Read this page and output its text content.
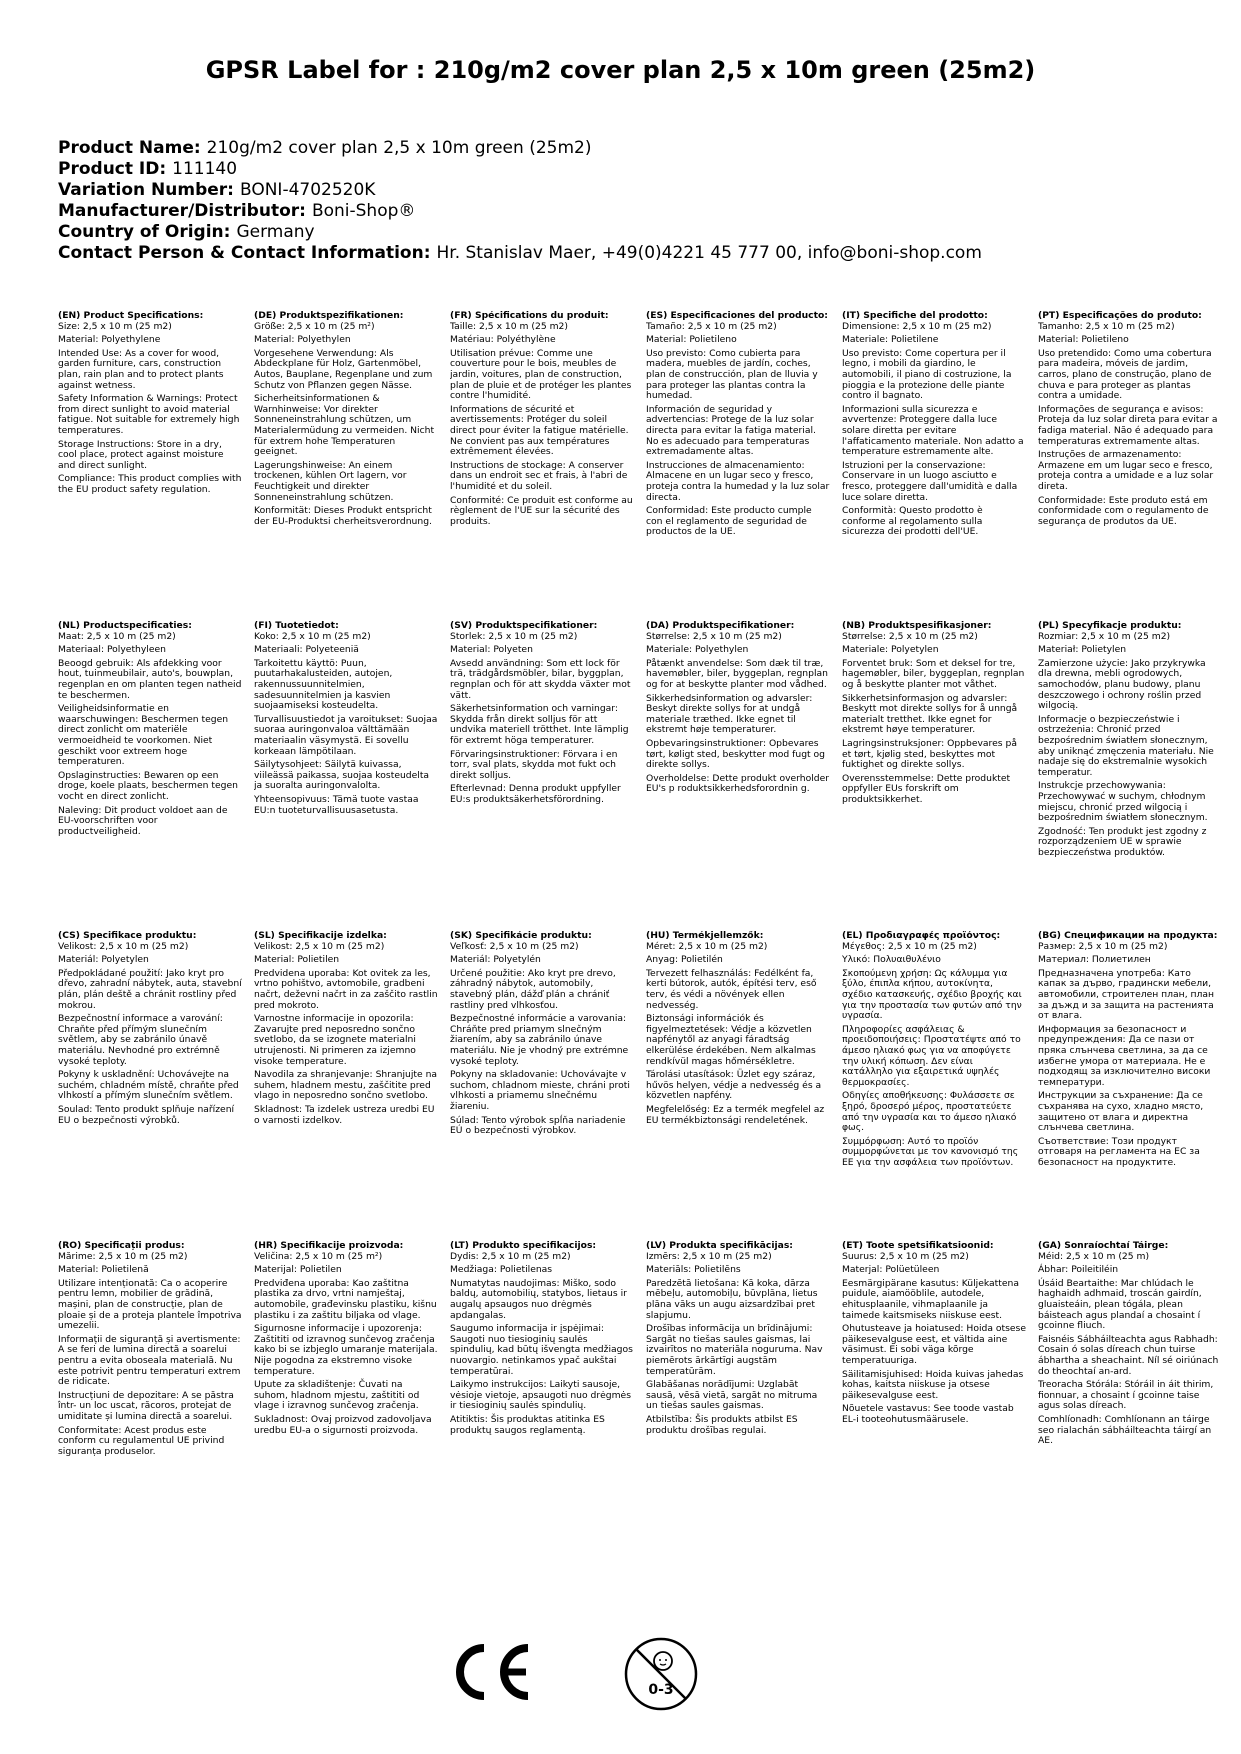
GPSR Label for : 210g/m2 cover plan 2,5 x 10m green (25m2)
Product Name: 210g/m2 cover plan 2,5 x 10m green (25m2)
Product ID: 111140
Variation Number: BONI-4702520K
Manufacturer/Distributor: Boni-Shop®
Country of Origin: Germany
Contact Person & Contact Information: Hr. Stanislav Maer, +49(0)4221 45 777 00, info@boni-shop.com
(EN) Product Specifications:
Size: 2,5 x 10 m (25 m2)
Material: Polyethylene
Intended Use: As a cover for wood, garden furniture, cars, construction plan, rain plan and to protect plants against wetness.
Safety Information & Warnings: Protect from direct sunlight to avoid material fatigue. Not suitable for extremely high temperatures.
Storage Instructions: Store in a dry, cool place, protect against moisture and direct sunlight.
Compliance: This product complies with the EU product safety regulation.
(DE) Produktspezifikationen:
Größe: 2,5 x 10 m (25 m²)
Material: Polyethylen
Vorgesehene Verwendung: Als Abdeckplane für Holz, Gartenmöbel, Autos, Bauplane, Regenplane und zum Schutz von Pflanzen gegen Nässe.
Sicherheitsinformationen & Warnhinweise: Vor direkter Sonneneinstrahlung schützen, um Materialermüdung zu vermeiden. Nicht für extrem hohe Temperaturen geeignet.
Lagerungshinweise: An einem trockenen, kühlen Ort lagern, vor Feuchtigkeit und direkter Sonneneinstrahlung schützen.
Konformität: Dieses Produkt entspricht der EU-Produktsi cherheitsverordnung.
(FR) Spécifications du produit:
Taille: 2,5 x 10 m (25 m2)
Matériau: Polyéthylène
Utilisation prévue: Comme une couverture pour le bois, meubles de jardin, voitures, plan de construction, plan de pluie et de protéger les plantes contre l'humidité.
Informations de sécurité et avertissements: Protéger du soleil direct pour éviter la fatigue matérielle. Ne convient pas aux températures extrêmement élevées.
Instructions de stockage: A conserver dans un endroit sec et frais, à l'abri de l'humidité et du soleil.
Conformité: Ce produit est conforme au règlement de l'UE sur la sécurité des produits.
(ES) Especificaciones del producto:
Tamaño: 2,5 x 10 m (25 m2)
Material: Polietileno
Uso previsto: Como cubierta para madera, muebles de jardín, coches, plan de construcción, plan de lluvia y para proteger las plantas contra la humedad.
Información de seguridad y advertencias: Protege de la luz solar directa para evitar la fatiga material. No es adecuado para temperaturas extremadamente altas.
Instrucciones de almacenamiento: Almacene en un lugar seco y fresco, proteja contra la humedad y la luz solar directa.
Conformidad: Este producto cumple con el reglamento de seguridad de productos de la UE.
(IT) Specifiche del prodotto:
Dimensione: 2,5 x 10 m (25 m2)
Materiale: Polietilene
Uso previsto: Come copertura per il legno, i mobili da giardino, le automobili, il piano di costruzione, la pioggia e la protezione delle piante contro il bagnato.
Informazioni sulla sicurezza e avvertenze: Proteggere dalla luce solare diretta per evitare l'affaticamento materiale. Non adatto a temperature estremamente alte.
Istruzioni per la conservazione: Conservare in un luogo asciutto e fresco, proteggere dall'umidità e dalla luce solare diretta.
Conformità: Questo prodotto è conforme al regolamento sulla sicurezza dei prodotti dell'UE.
(PT) Especificações do produto:
Tamanho: 2,5 x 10 m (25 m2)
Material: Polietileno
Uso pretendido: Como uma cobertura para madeira, móveis de jardim, carros, plano de construção, plano de chuva e para proteger as plantas contra a umidade.
Informações de segurança e avisos: Proteja da luz solar direta para evitar a fadiga material. Não é adequado para temperaturas extremamente altas.
Instruções de armazenamento: Armazene em um lugar seco e fresco, proteja contra a umidade e a luz solar direta.
Conformidade: Este produto está em conformidade com o regulamento de segurança de produtos da UE.
(NL) Productspecificaties:
Maat: 2,5 x 10 m (25 m2)
Materiaal: Polyethyleen
Beoogd gebruik: Als afdekking voor hout, tuinmeubilair, auto's, bouwplan, regenplan en om planten tegen natheid te beschermen.
Veiligheidsinformatie en waarschuwingen: Beschermen tegen direct zonlicht om materiële vermoeidheid te voorkomen. Niet geschikt voor extreem hoge temperaturen.
Opslaginstructies: Bewaren op een droge, koele plaats, beschermen tegen vocht en direct zonlicht.
Naleving: Dit product voldoet aan de EU-voorschriften voor productveiligheid.
(FI) Tuotetiedot:
Koko: 2,5 x 10 m (25 m2)
Materiaali: Polyeteeniä
Tarkoitettu käyttö: Puun, puutarhakalusteiden, autojen, rakennussuunnitelmien, sadesuunnitelmien ja kasvien suojaamiseksi kosteudelta.
Turvallisuustiedot ja varoitukset: Suojaa suoraa auringonvaloa välttämään materiaalin väsymystä. Ei sovellu korkeaan lämpötilaan.
Säilytysohjeet: Säilytä kuivassa, viileässä paikassa, suojaa kosteudelta ja suoralta auringonvalolta.
Yhteensopivuus: Tämä tuote vastaa EU:n tuoteturvallisuusasetusta.
(SV) Produktspecifikationer:
Storlek: 2,5 x 10 m (25 m2)
Material: Polyeten
Avsedd användning: Som ett lock för trä, trädgårdsmöbler, bilar, byggplan, regnplan och för att skydda växter mot vätt.
Säkerhetsinformation och varningar: Skydda från direkt solljus för att undvika materiell trötthet. Inte lämplig för extremt höga temperaturer.
Förvaringsinstruktioner: Förvara i en torr, sval plats, skydda mot fukt och direkt solljus.
Efterlevnad: Denna produkt uppfyller EU:s produktsäkerhetsförordning.
(DA) Produktspecifikationer:
Størrelse: 2,5 x 10 m (25 m2)
Materiale: Polyethylen
Påtænkt anvendelse: Som dæk til træ, havemøbler, biler, byggeplan, regnplan og for at beskytte planter mod vådhed.
Sikkerhedsinformation og advarsler: Beskyt direkte sollys for at undgå materiale træthed. Ikke egnet til ekstremt høje temperaturer.
Opbevaringsinstruktioner: Opbevares tørt, køligt sted, beskytter mod fugt og direkte sollys.
Overholdelse: Dette produkt overholder EU's p roduktsikkerhedsforordnin g.
(NB) Produktspesifikasjoner:
Størrelse: 2,5 x 10 m (25 m2)
Materiale: Polyetylen
Forventet bruk: Som et deksel for tre, hagemøbler, biler, byggeplan, regnplan og å beskytte planter mot våthet.
Sikkerhetsinformasjon og advarsler: Beskytt mot direkte sollys for å unngå materialt tretthet. Ikke egnet for ekstremt høye temperaturer.
Lagringsinstruksjoner: Oppbevares på et tørt, kjølig sted, beskyttes mot fuktighet og direkte sollys.
Overensstemmelse: Dette produktet oppfyller EUs forskrift om produktsikkerhet.
(PL) Specyfikacje produktu:
Rozmiar: 2,5 x 10 m (25 m2)
Materiał: Polietylen
Zamierzone użycie: Jako przykrywka dla drewna, mebli ogrodowych, samochodów, planu budowy, planu deszczowego i ochrony roślin przed wilgocią.
Informacje o bezpieczeństwie i ostrzeżenia: Chronić przed bezpośrednim światłem słonecznym, aby uniknąć zmęczenia materiału. Nie nadaje się do ekstremalnie wysokich temperatur.
Instrukcje przechowywania: Przechowywać w suchym, chłodnym miejscu, chronić przed wilgocią i bezpośrednim światłem słonecznym.
Zgodność: Ten produkt jest zgodny z rozporządzeniem UE w sprawie bezpieczeństwa produktów.
(CS) Specifikace produktu:
Velikost: 2,5 x 10 m (25 m2)
Materiál: Polyetylen
Předpokládané použití: Jako kryt pro dřevo, zahradní nábytek, auta, stavební plán, plán deště a chránit rostliny před mokrou.
Bezpečnostní informace a varování: Chraňte před přímým slunečním světlem, aby se zabránilo únavě materiálu. Nevhodné pro extrémně vysoké teploty.
Pokyny k uskladnění: Uchovávejte na suchém, chladném místě, chraňte před vlhkostí a přímým slunečním světlem.
Soulad: Tento produkt splňuje nařízení EU o bezpečnosti výrobků.
(SL) Specifikacije izdelka:
Velikost: 2,5 x 10 m (25 m2)
Material: Polietilen
Predvidena uporaba: Kot ovitek za les, vrtno pohištvo, avtomobile, gradbeni načrt, deževni načrt in za zaščito rastlin pred mokroto.
Varnostne informacije in opozorila: Zavarujte pred neposredno sončno svetlobo, da se izognete materialni utrujenosti. Ni primeren za izjemno visoke temperature.
Navodila za shranjevanje: Shranjujte na suhem, hladnem mestu, zaščitite pred vlago in neposredno sončno svetlobo.
Skladnost: Ta izdelek ustreza uredbi EU o varnosti izdelkov.
(SK) Špecifikácie produktu:
Veľkosť: 2,5 x 10 m (25 m2)
Materiál: Polyetylén
Určené použitie: Ako kryt pre drevo, záhradný nábytok, automobily, stavebný plán, dážď plán a chrániť rastliny pred vlhkosťou.
Bezpečnostné informácie a varovania: Chráňte pred priamym slnečným žiarením, aby sa zabránilo únave materiálu. Nie je vhodný pre extrémne vysoké teploty.
Pokyny na skladovanie: Uchovávajte v suchom, chladnom mieste, chráni proti vlhkosti a priamemu slnečnému žiareniu.
Súlad: Tento výrobok spĺňa nariadenie EÚ o bezpečnosti výrobkov.
(HU) Termékjellemzők:
Méret: 2,5 x 10 m (25 m2)
Anyag: Polietilén
Tervezett felhasználás: Fedélként fa, kerti bútorok, autók, építési terv, eső terv, és védi a növények ellen nedvesség.
Biztonsági információk és figyelmeztetések: Védje a közvetlen napfénytől az anyagi fáradtság elkerülése érdekében. Nem alkalmas rendkívül magas hőmérsékletre.
Tárolási utasítások: Üzlet egy száraz, hűvös helyen, védje a nedvesség és a közvetlen napfény.
Megfelelőség: Ez a termék megfelel az EU termékbiztonsági rendeletének.
(EL) Προδιαγραφές προϊόντος:
Μέγεθος: 2,5 x 10 m (25 m2)
Υλικό: Πολυαιθυλένιο
Σκοπούμενη χρήση: Ως κάλυμμα για ξύλο, έπιπλα κήπου, αυτοκίνητα, σχέδιο κατασκευής, σχέδιο βροχής και για την προστασία των φυτών από την υγρασία.
Πληροφορίες ασφάλειας & προειδοποιήσεις: Προστατέψτε από το άμεσο ηλιακό φως για να αποφύγετε την υλική κόπωση. Δεν είναι κατάλληλο για εξαιρετικά υψηλές θερμοκρασίες.
Οδηγίες αποθήκευσης: Φυλάσσετε σε ξηρό, δροσερό μέρος, προστατεύετε από την υγρασία και το άμεσο ηλιακό φως.
Συμμόρφωση: Αυτό το προϊόν συμμορφώνεται με τον κανονισμό της ΕΕ για την ασφάλεια των προϊόντων.
(BG) Спецификации на продукта:
Размер: 2,5 x 10 m (25 m2)
Материал: Полиетилен
Предназначена употреба: Като капак за дърво, градински мебели, автомобили, строителен план, план за дъжд и за защита на растенията от влага.
Информация за безопасност и предупреждения: Да се пази от пряка слънчева светлина, за да се избегне умора от материала. Не е подходящ за изключително високи температури.
Инструкции за съхранение: Да се съхранява на сухо, хладно място, защитено от влага и директна слънчева светлина.
Съответствие: Този продукт отговаря на регламента на ЕС за безопасност на продуктите.
(RO) Specificații produs:
Mărime: 2,5 x 10 m (25 m2)
Material: Polietilenă
Utilizare intenționată: Ca o acoperire pentru lemn, mobilier de grădină, mașini, plan de construcție, plan de ploaie și de a proteja plantele împotriva umezelii.
Informații de siguranță și avertismente: A se feri de lumina directă a soarelui pentru a evita oboseala materială. Nu este potrivit pentru temperaturi extrem de ridicate.
Instrucțiuni de depozitare: A se păstra într- un loc uscat, răcoros, protejat de umiditate și lumina directă a soarelui.
Conformitate: Acest produs este conform cu regulamentul UE privind siguranța produselor.
(HR) Specifikacije proizvoda:
Veličina: 2,5 x 10 m (25 m²)
Materijal: Polietilen
Predviđena uporaba: Kao zaštitna plastika za drvo, vrtni namještaj, automobile, građevinsku plastiku, kišnu plastiku i za zaštitu biljaka od vlage.
Sigurnosne informacije i upozorenja: Zaštititi od izravnog sunčevog zračenja kako bi se izbjeglo umaranje materijala. Nije pogodna za ekstremno visoke temperature.
Upute za skladištenje: Čuvati na suhom, hladnom mjestu, zaštititi od vlage i izravnog sunčevog zračenja.
Sukladnost: Ovaj proizvod zadovoljava uredbu EU-a o sigurnosti proizvoda.
(LT) Produkto specifikacijos:
Dydis: 2,5 x 10 m (25 m2)
Medžiaga: Polietilenas
Numatytas naudojimas: Miško, sodo baldų, automobilių, statybos, lietaus ir augalų apsaugos nuo drėgmės apdangalas.
Saugumo informacija ir įspėjimai: Saugoti nuo tiesioginių saulės spindulių, kad būtų išvengta medžiagos nuovargio. netinkamos ypač aukštai temperatūrai.
Laikymo instrukcijos: Laikyti sausoje, vėsioje vietoje, apsaugoti nuo drėgmės ir tiesioginių saulės spindulių.
Atitiktis: Šis produktas atitinka ES produktų saugos reglamentą.
(LV) Produkta specifikācijas:
Izmērs: 2,5 x 10 m (25 m2)
Materiāls: Polietilēns
Paredzētā lietošana: Kā koka, dārza mēbeļu, automobiļu, būvplāna, lietus plāna vāks un augu aizsardzībai pret slapjumu.
Drošības informācija un brīdinājumi: Sargāt no tiešas saules gaismas, lai izvairītos no materiāla noguruma. Nav piemērots ārkārtīgi augstām temperatūrām.
Glabāšanas norādījumi: Uzglabāt sausā, vēsā vietā, sargāt no mitruma un tiešas saules gaismas.
Atbilstība: Šis produkts atbilst ES produktu drošības regulai.
(ET) Toote spetsifikatsioonid:
Suurus: 2,5 x 10 m (25 m2)
Materjal: Polüetüleen
Eesmärgipärane kasutus: Küljekattena puidule, aiamööblile, autodele, ehitusplaanile, vihmaplaanile ja taimede kaitsmiseks niiskuse eest.
Ohutusteave ja hoiatused: Hoida otsese päikesevalguse eest, et vältida aine väsimust. Ei sobi väga kõrge temperatuuriga.
Säilitamisjuhised: Hoida kuivas jahedas kohas, kaitsta niiskuse ja otsese päikesevalguse eest.
Nõuetele vastavus: See toode vastab EL-i tooteohutusmäärusele.
(GA) Sonraíochtaí Táirge:
Méid: 2,5 x 10 m (25 m)
Ábhar: Poileitiléin
Úsáid Beartaithe: Mar chlúdach le haghaidh adhmaid, troscán gairdín, gluaisteáin, plean tógála, plean báisteach agus plandaí a chosaint í gcoinne fliuch.
Faisnéis Sábháilteachta agus Rabhadh: Cosain ó solas díreach chun tuirse ábhartha a sheachaint. Níl sé oiriúnach do theochtaí an-ard.
Treoracha Stórála: Stóráil in áit thirim, fionnuar, a chosaint í gcoinne taise agus solas díreach.
Comhlíonadh: Comhlíonann an táirge seo rialachán sábháilteachta táirgí an AE.
0-3
